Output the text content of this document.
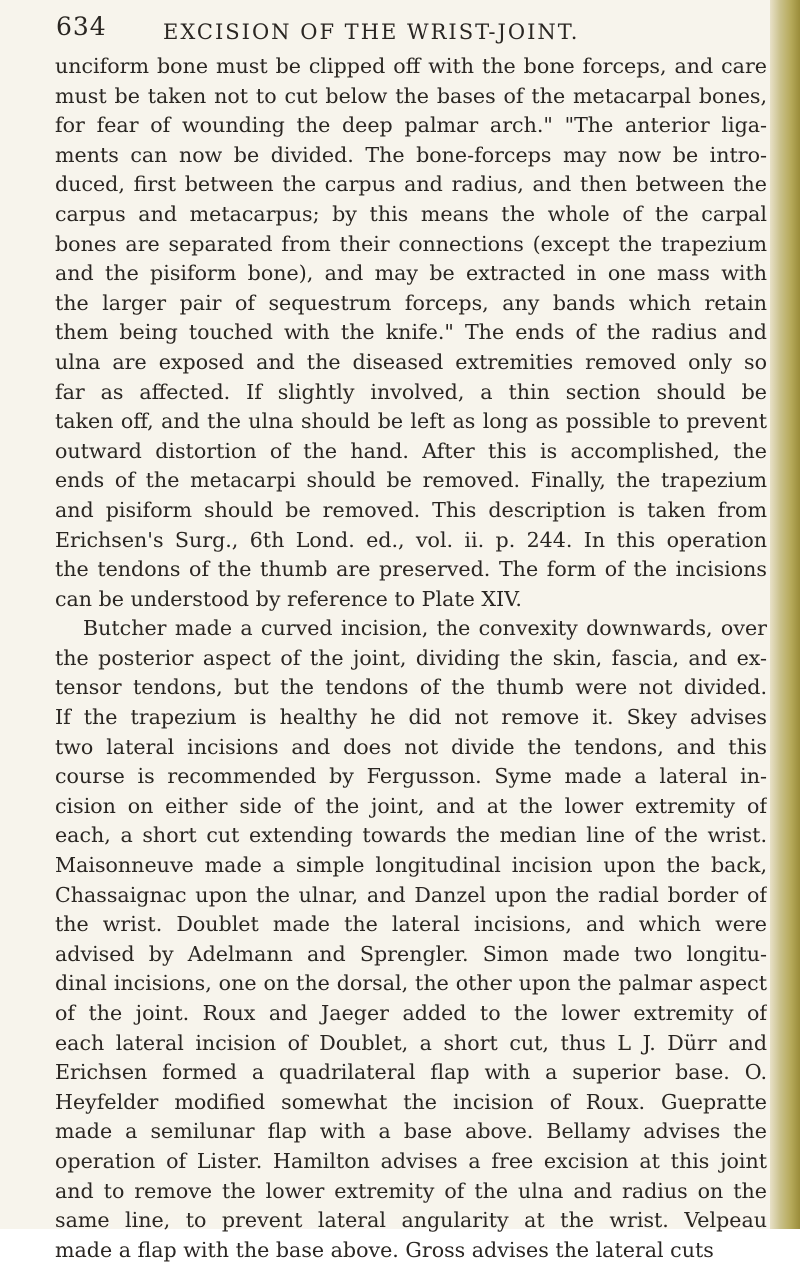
634	EXCISION OF THE WRIST-JOINT.
unciform bone must be clipped off with the bone forceps, and care
must be taken not to cut below the bases of the metacarpal bones,
for fear of wounding the deep palmar arch." "The anterior liga-
ments can now be divided. The bone-forceps may now be intro-
duced, first between the carpus and radius, and then between the
carpus and metacarpus; by this means the whole of the carpal
bones are separated from their connections (except the trapezium
and the pisiform bone), and may be extracted in one mass with
the larger pair of sequestrum forceps, any bands which retain
them being touched with the knife." The ends of the radius and
ulna are exposed and the diseased extremities removed only so
far as affected. If slightly involved, a thin section should be
taken off, and the ulna should be left as long as possible to prevent
outward distortion of the hand. After this is accomplished, the
ends of the metacarpi should be removed. Finally, the trapezium
and pisiform should be removed. This description is taken from
Erichsen's Surg., 6th Lond. ed., vol. ii. p. 244. In this operation
the tendons of the thumb are preserved. The form of the incisions
can be understood by reference to Plate XIV.
Butcher made a curved incision, the convexity downwards, over
the posterior aspect of the joint, dividing the skin, fascia, and ex-
tensor tendons, but the tendons of the thumb were not divided.
If the trapezium is healthy he did not remove it. Skey advises
two lateral incisions and does not divide the tendons, and this
course is recommended by Fergusson. Syme made a lateral in-
cision on either side of the joint, and at the lower extremity of
each, a short cut extending towards the median line of the wrist.
Maisonneuve made a simple longitudinal incision upon the back,
Chassaignac upon the ulnar, and Danzel upon the radial border of
the wrist. Doublet made the lateral incisions, and which were
advised by Adelmann and Sprengler. Simon made two longitu-
dinal incisions, one on the dorsal, the other upon the palmar aspect
of the joint. Roux and Jaeger added to the lower extremity of
each lateral incision of Doublet, a short cut, thus L J. Dürr and
Erichsen formed a quadrilateral flap with a superior base. O.
Heyfelder modified somewhat the incision of Roux. Guepratte
made a semilunar flap with a base above. Bellamy advises the
operation of Lister. Hamilton advises a free excision at this joint
and to remove the lower extremity of the ulna and radius on the
same line, to prevent lateral angularity at the wrist. Velpeau
made a flap with the base above. Gross advises the lateral cuts
